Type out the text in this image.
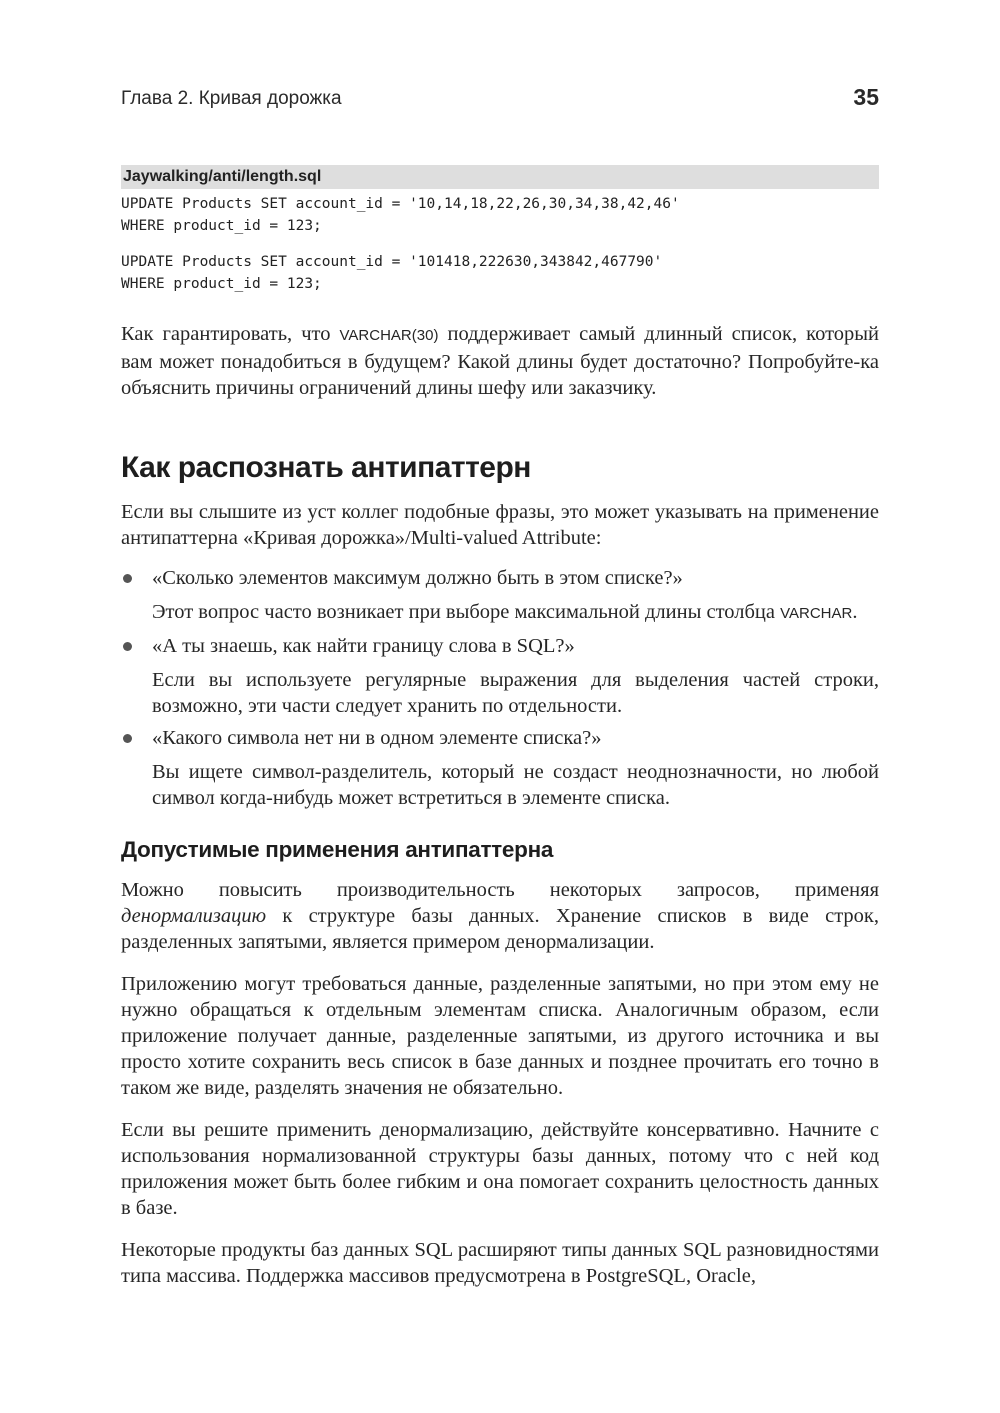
Глава 2. Кривая дорожка	35
Jaywalking/anti/length.sql
UPDATE Products SET account_id = '10,14,18,22,26,30,34,38,42,46'
WHERE product_id = 123;
UPDATE Products SET account_id = '101418,222630,343842,467790'
WHERE product_id = 123;

Как гарантировать, что VARCHAR(30) поддерживает самый длинный список, который вам может понадобиться в будущем? Какой длины будет достаточно? Попробуйте-ка объяснить причины ограничений длины шефу или заказчику.

Как распознать антипаттерн

Если вы слышите из уст коллег подобные фразы, это может указывать на применение антипаттерна «Кривая дорожка»/Multi-valued Attribute:

«Сколько элементов максимум должно быть в этом списке?»

Этот вопрос часто возникает при выборе максимальной длины столбца VARCHAR.

«А ты знаешь, как найти границу слова в SQL?»

Если вы используете регулярные выражения для выделения частей строки, возможно, эти части следует хранить по отдельности.

«Какого символа нет ни в одном элементе списка?»

Вы ищете символ-разделитель, который не создаст неоднозначности, но любой символ когда-нибудь может встретиться в элементе списка.

Допустимые применения антипаттерна

Можно повысить производительность некоторых запросов, применяя денормализацию к структуре базы данных. Хранение списков в виде строк, разделенных запятыми, является примером денормализации.

Приложению могут требоваться данные, разделенные запятыми, но при этом ему не нужно обращаться к отдельным элементам списка. Аналогичным образом, если приложение получает данные, разделенные запятыми, из другого источника и вы просто хотите сохранить весь список в базе данных и позднее прочитать его точно в таком же виде, разделять значения не обязательно.

Если вы решите применить денормализацию, действуйте консервативно. Начните с использования нормализованной структуры базы данных, потому что с ней код приложения может быть более гибким и она помогает сохранить целостность данных в базе.

Некоторые продукты баз данных SQL расширяют типы данных SQL разновидностями типа массива. Поддержка массивов предусмотрена в PostgreSQL, Oracle,
